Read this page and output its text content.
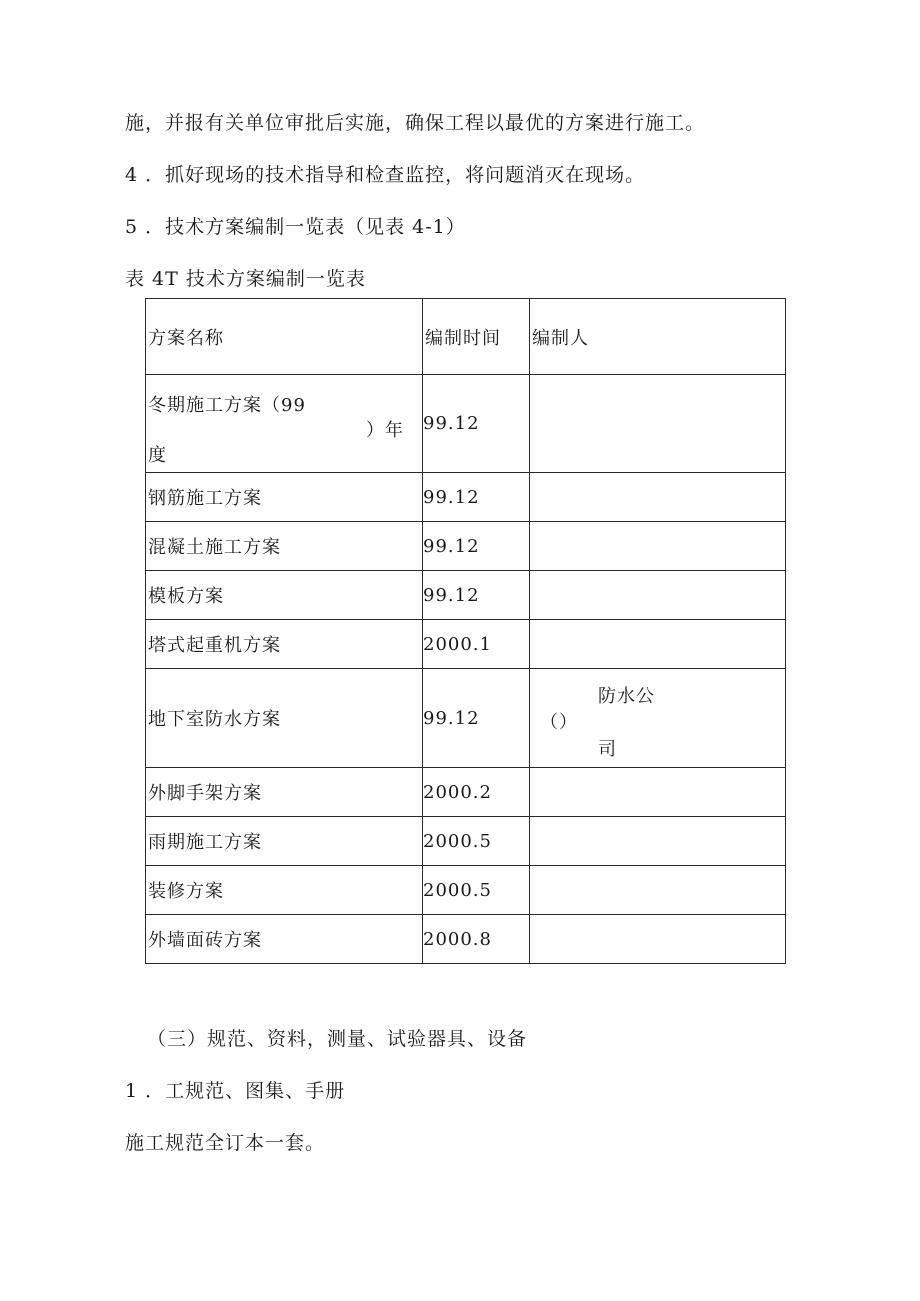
施，并报有关单位审批后实施，确保工程以最优的方案进行施工。
4 ．抓好现场的技术指导和检查监控，将问题消灭在现场。
5 ．技术方案编制一览表（见表 4-1）
表 4T 技术方案编制一览表
方案名称	编制时间	编制人

冬期施工方案（99
）年
度	99.12	
钢筋施工方案	99.12	
混凝土施工方案	99.12	
模板方案	99.12	
塔式起重机方案	2000.1	
地下室防水方案	99.12	防水公
（）
司

外脚手架方案	2000.2	
雨期施工方案	2000.5	
装修方案	2000.5	
外墙面砖方案	2000.8	
（三）规范、资料，测量、试验器具、设备
1 ．工规范、图集、手册
施工规范全订本一套。
